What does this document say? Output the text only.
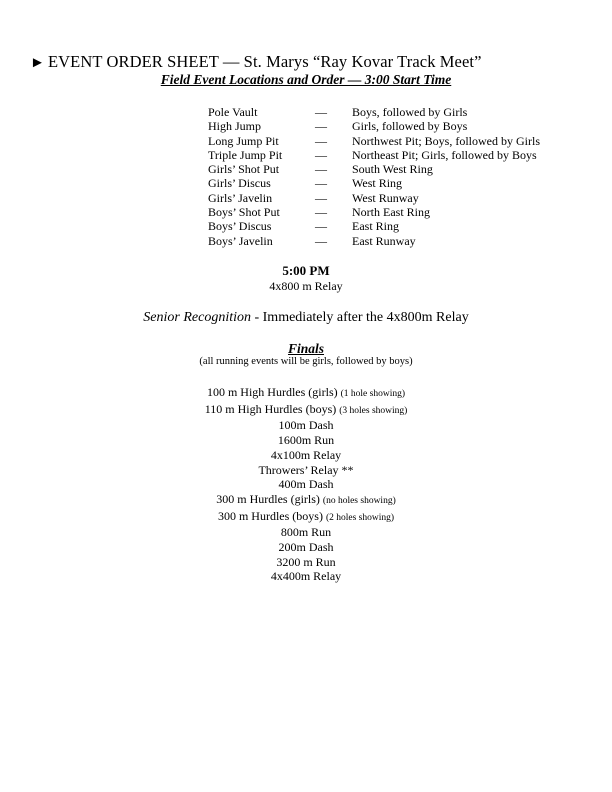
► EVENT ORDER SHEET — St. Marys “Ray Kovar Track Meet”
Field Event Locations and Order — 3:00 Start Time
Pole Vault	—	Boys, followed by Girls
High Jump	—	Girls, followed by Boys
Long Jump Pit	—	Northwest Pit; Boys, followed by Girls
Triple Jump Pit	—	Northeast Pit; Girls, followed by Boys
Girls’ Shot Put	—	South West Ring
Girls’ Discus	—	West Ring
Girls’ Javelin	—	West Runway
Boys’ Shot Put	—	North East Ring
Boys’ Discus	—	East Ring
Boys’ Javelin	—	East Runway
5:00 PM
4x800 m Relay
Senior Recognition - Immediately after the 4x800m Relay
Finals
(all running events will be girls, followed by boys)
100 m High Hurdles (girls) (1 hole showing)
110 m High Hurdles (boys) (3 holes showing)
100m Dash
1600m Run
4x100m Relay
Throwers’ Relay **
400m Dash
300 m Hurdles (girls) (no holes showing)
300 m Hurdles (boys) (2 holes showing)
800m Run
200m Dash
3200 m Run
4x400m Relay
